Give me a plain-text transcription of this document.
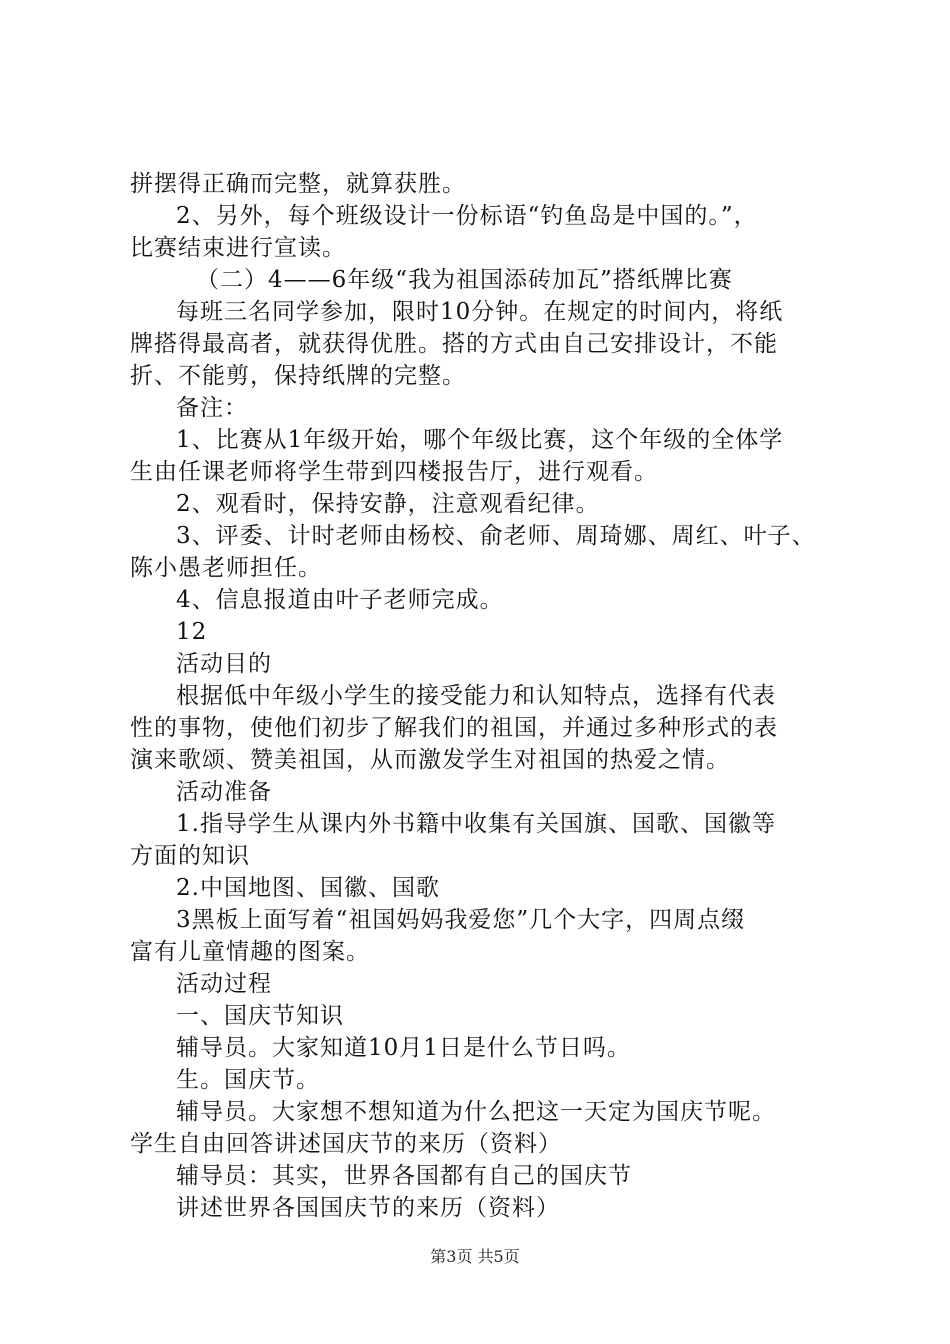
拼摆得正确而完整，就算获胜。
2、另外，每个班级设计一份标语“钓鱼岛是中国的。”，
比赛结束进行宣读。
（二）4——6年级“我为祖国添砖加瓦”搭纸牌比赛
每班三名同学参加，限时10分钟。在规定的时间内，将纸
牌搭得最高者，就获得优胜。搭的方式由自己安排设计，不能
折、不能剪，保持纸牌的完整。
备注：
1、比赛从1年级开始，哪个年级比赛，这个年级的全体学
生由任课老师将学生带到四楼报告厅，进行观看。
2、观看时，保持安静，注意观看纪律。
3、评委、计时老师由杨校、俞老师、周琦娜、周红、叶子、
陈小愚老师担任。
4、信息报道由叶子老师完成。
12
活动目的
根据低中年级小学生的接受能力和认知特点，选择有代表
性的事物，使他们初步了解我们的祖国，并通过多种形式的表
演来歌颂、赞美祖国，从而激发学生对祖国的热爱之情。
活动准备
1.指导学生从课内外书籍中收集有关国旗、国歌、国徽等
方面的知识
2.中国地图、国徽、国歌
3黑板上面写着“祖国妈妈我爱您”几个大字，四周点缀
富有儿童情趣的图案。
活动过程
一、国庆节知识
辅导员。大家知道10月1日是什么节日吗。
生。国庆节。
辅导员。大家想不想知道为什么把这一天定为国庆节呢。
学生自由回答讲述国庆节的来历（资料）
辅导员：其实，世界各国都有自己的国庆节
讲述世界各国国庆节的来历（资料）
第3页 共5页
